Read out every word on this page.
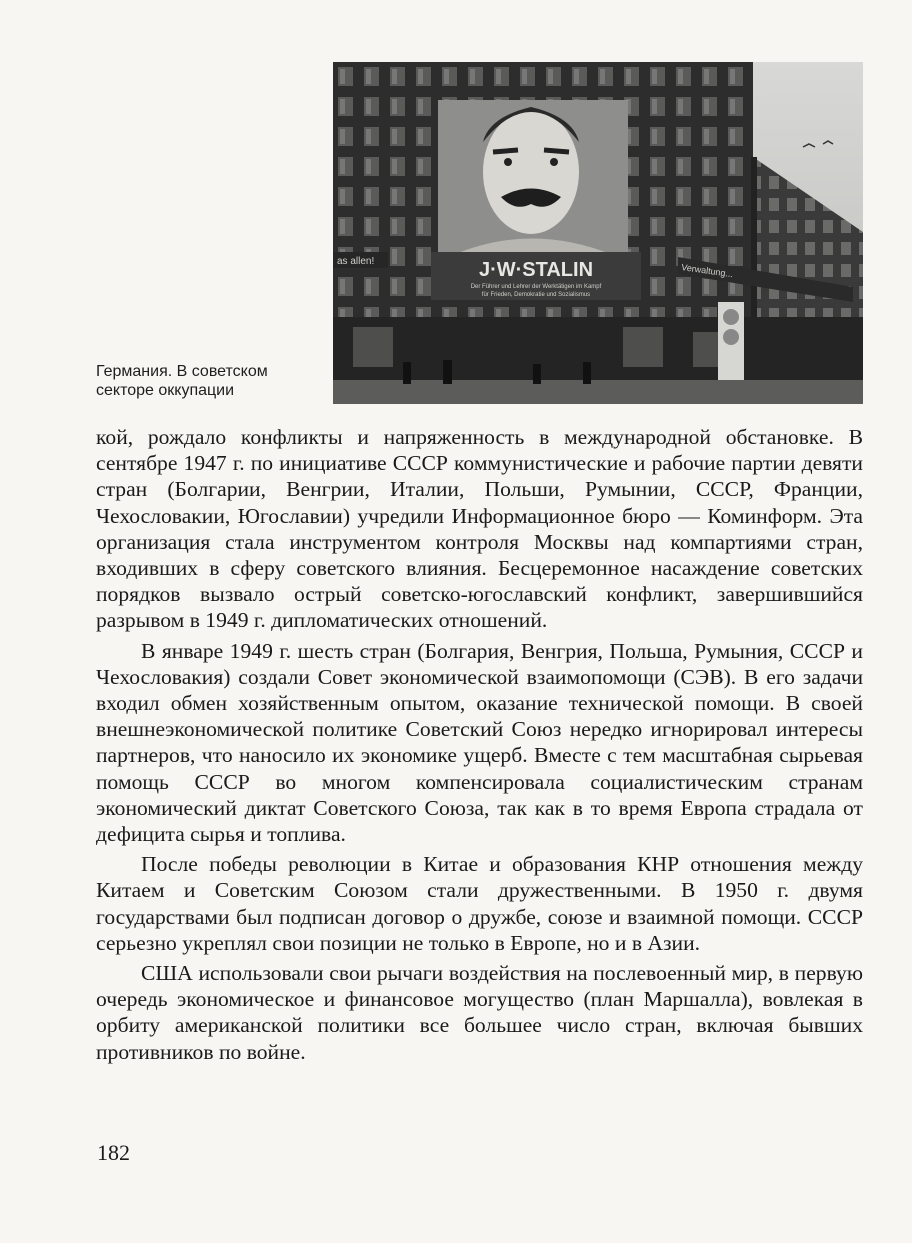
J·W·STALIN
Der Führer und Lehrer der Werktätigen im Kampf
für Frieden, Demokratie und Sozialismus
as allen!
Verwaltung...
Германия. В советском секторе оккупации

кой, рождало конфликты и напряженность в международной обстановке. В сентябре 1947 г. по инициативе СССР коммунистические и рабочие партии девяти стран (Болгарии, Венгрии, Италии, Польши, Румынии, СССР, Франции, Чехословакии, Югославии) учредили Информационное бюро — Коминформ. Эта организация стала инструментом контроля Москвы над компартиями стран, входивших в сферу советского влияния. Бесцеремонное насаждение советских порядков вызвало острый советско-югославский конфликт, завершившийся разрывом в 1949 г. дипломатических отношений.

В январе 1949 г. шесть стран (Болгария, Венгрия, Польша, Румыния, СССР и Чехословакия) создали Совет экономической взаимопомощи (СЭВ). В его задачи входил обмен хозяйственным опытом, оказание технической помощи. В своей внешнеэкономической политике Советский Союз нередко игнорировал интересы партнеров, что наносило их экономике ущерб. Вместе с тем масштабная сырьевая помощь СССР во многом компенсировала социалистическим странам экономический диктат Советского Союза, так как в то время Европа страдала от дефицита сырья и топлива.

После победы революции в Китае и образования КНР отношения между Китаем и Советским Союзом стали дружественными. В 1950 г. двумя государствами был подписан договор о дружбе, союзе и взаимной помощи. СССР серьезно укреплял свои позиции не только в Европе, но и в Азии.

США использовали свои рычаги воздействия на послевоенный мир, в первую очередь экономическое и финансовое могущество (план Маршалла), вовлекая в орбиту американской политики все большее число стран, включая бывших противников по войне.

182
